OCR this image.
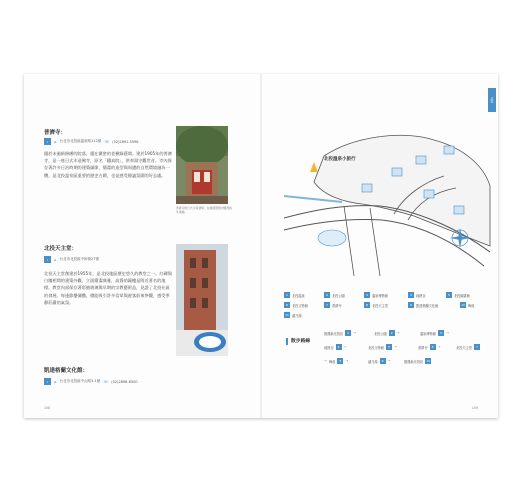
普濟寺：
i	⌂ 台北市北投區溫泉路112號 ☏ (02)2891-5596
隱於未施新修繕的院落，隱在繁密的老樹綠蔭間。建於1905年的普濟寺，是一座日式木造佛寺，原名「鐵真院」，供奉湯守觀世音。寺內保存著許多日治時期的建築細節，簡潔的造型與周遭的自然環境融為一體，是北投溫泉區重要的歷史古蹟，也是感受靜謐氛圍的好去處。
普濟寺的日式木造建築，在綠蔭環繞中顯得格外清幽。
北投天主堂：
i	⌂ 台北市北投區中和街27號
北投天主堂創建於1955年，是北投地區歷史悠久的教堂之一。紅磚與白牆相間的建築外觀，立面簡潔典雅，高聳的鐘樓是附近著名的地標。教堂內部保存著彩繪玻璃與早期的宗教藝術品，見證了北投社區的發展。每逢節慶彌撒，總能吸引許多信眾與遊客前來參觀，感受寧靜莊嚴的氣氛。
凱達格蘭文化館：
i	⌂ 台北市北投區中山路3-1號 ☏ (02)2898-6500
108
北投
北投溫泉小旅行
1	北投溫泉	2	北投公園	3	溫泉博物館	4	地熱谷	5	北投圖書館
6	北投文物館	7	普濟寺	8	北投天主堂	9	凱達格蘭文化館	10 梅庭
11 瀧乃湯
散步路線
捷運新北投站	1	→	北投公園	2	→	溫泉博物館	3	→
地熱谷	4	→	北投文物館	5	→	普濟寺	6	→	北投天主堂	7
→ 梅庭	8	→	瀧乃湯	9	→	捷運新北投站	10
109
